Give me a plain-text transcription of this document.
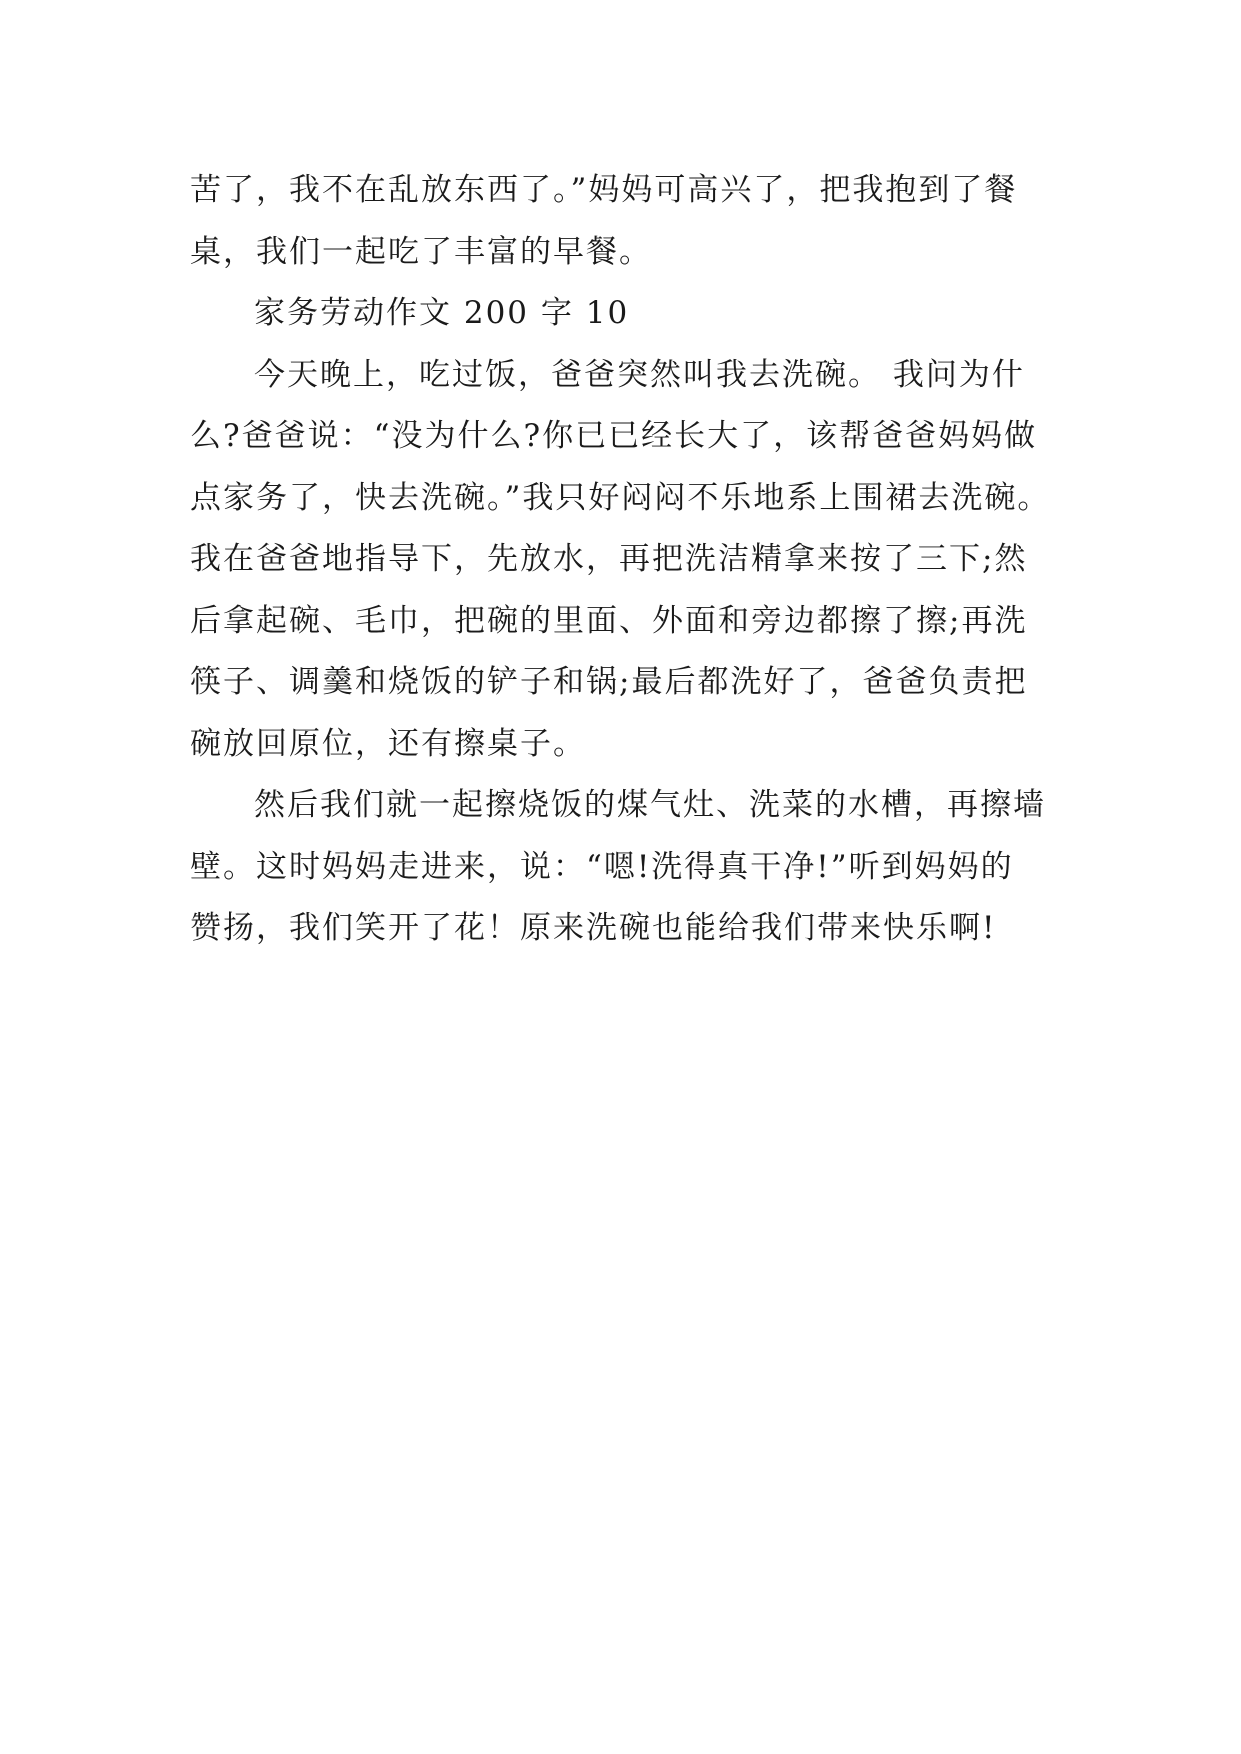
苦了，我不在乱放东西了。”妈妈可高兴了，把我抱到了餐
桌，我们一起吃了丰富的早餐。
家务劳动作文 200 字 10
今天晚上，吃过饭，爸爸突然叫我去洗碗。 我问为什
么?爸爸说：“没为什么?你已已经长大了，该帮爸爸妈妈做
点家务了，快去洗碗。”我只好闷闷不乐地系上围裙去洗碗。
我在爸爸地指导下，先放水，再把洗洁精拿来按了三下;然
后拿起碗、毛巾，把碗的里面、外面和旁边都擦了擦;再洗
筷子、调羹和烧饭的铲子和锅;最后都洗好了，爸爸负责把
碗放回原位，还有擦桌子。
然后我们就一起擦烧饭的煤气灶、洗菜的水槽，再擦墙
壁。这时妈妈走进来，说：“嗯!洗得真干净!”听到妈妈的
赞扬，我们笑开了花！原来洗碗也能给我们带来快乐啊!
